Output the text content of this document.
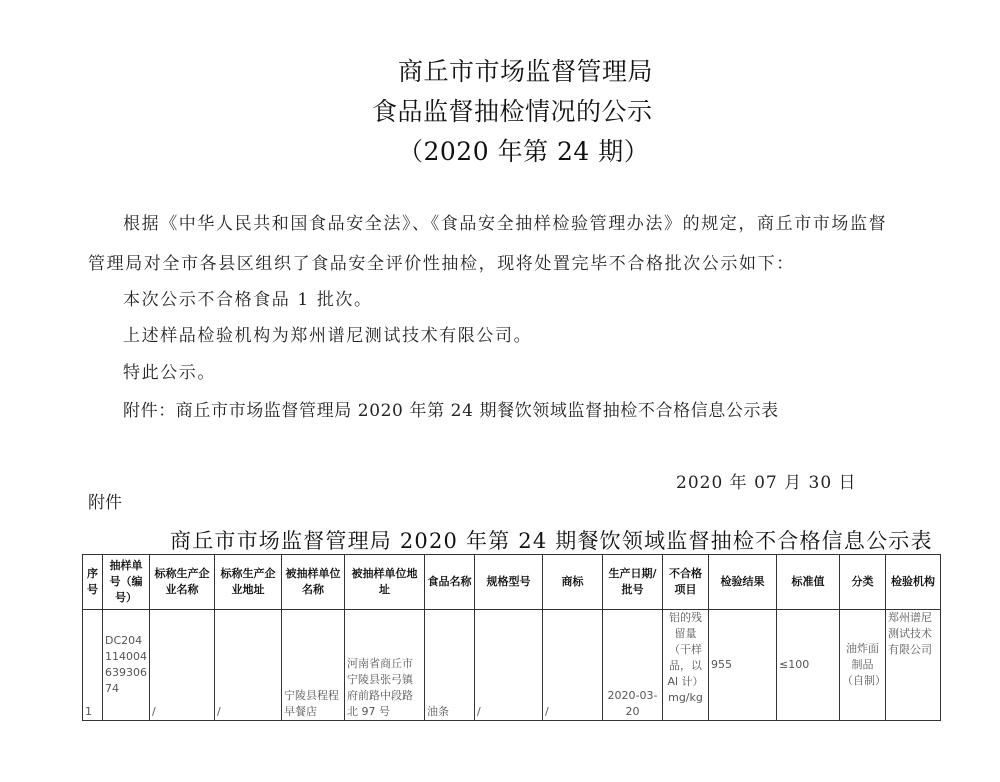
商丘市市场监督管理局
食品监督抽检情况的公示
（2020 年第 24 期）
根据《中华人民共和国食品安全法》、《食品安全抽样检验管理办法》的规定，商丘市市场监督
管理局对全市各县区组织了食品安全评价性抽检，现将处置完毕不合格批次公示如下：
本次公示不合格食品 1 批次。
上述样品检验机构为郑州谱尼测试技术有限公司。
特此公示。
附件：商丘市市场监督管理局 2020 年第 24 期餐饮领域监督抽检不合格信息公示表
2020 年 07 月 30 日
附件
商丘市市场监督管理局 2020 年第 24 期餐饮领域监督抽检不合格信息公示表
序号	抽样单号（编号）	标称生产企业名称	标称生产企业地址	被抽样单位名称	被抽样单位地址	食品名称	规格型号	商标	生产日期/批号	不合格项目	检验结果	标准值	分类	检验机构
1	DC20411400463930674	/	/	宁陵县程程早餐店	河南省商丘市宁陵县张弓镇府前路中段路北 97 号	油条	/	/	2020-03-20	铝的残留量（干样品，以 Al 计）mg/kg	955	≤100	油炸面制品（自制）	郑州谱尼测试技术有限公司
